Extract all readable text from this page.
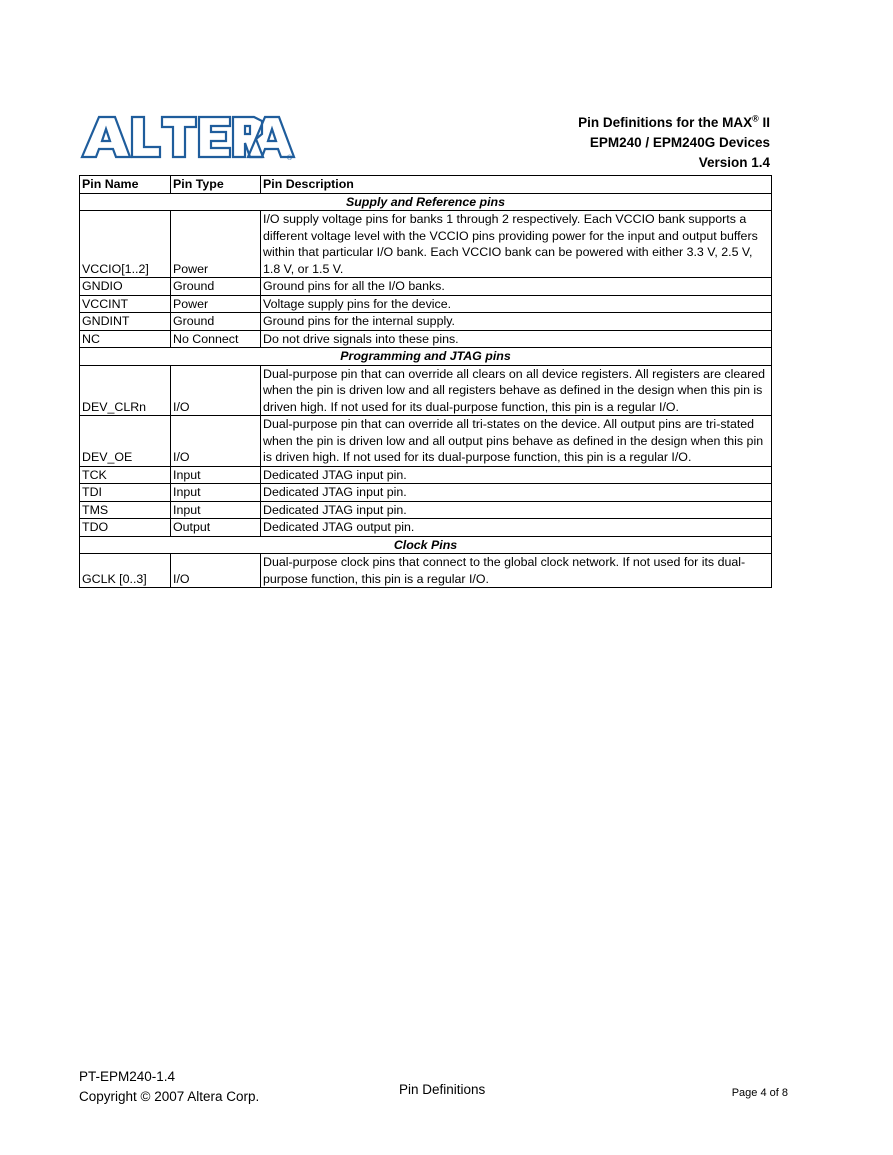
®
Pin Definitions for the MAX® II
EPM240 / EPM240G Devices
Version 1.4
Pin Name	Pin Type	Pin Description
Supply and Reference pins		
VCCIO[1..2]	Power	I/O supply voltage pins for banks 1 through 2 respectively. Each VCCIO bank supports a different voltage level with the VCCIO pins providing power for the input and output buffers within that particular I/O bank. Each VCCIO bank can be powered with either 3.3 V, 2.5 V, 1.8 V, or 1.5 V.
GNDIO	Ground	Ground pins for all the I/O banks.
VCCINT	Power	Voltage supply pins for the device.
GNDINT	Ground	Ground pins for the internal supply.
NC	No Connect	Do not drive signals into these pins.
Programming and JTAG pins		
DEV_CLRn	I/O	Dual-purpose pin that can override all clears on all device registers. All registers are cleared when the pin is driven low and all registers behave as defined in the design when this pin is driven high. If not used for its dual-purpose function, this pin is a regular I/O.
DEV_OE	I/O	Dual-purpose pin that can override all tri-states on the device. All output pins are tri-stated when the pin is driven low and all output pins behave as defined in the design when this pin is driven high. If not used for its dual-purpose function, this pin is a regular I/O.
TCK	Input	Dedicated JTAG input pin.
TDI	Input	Dedicated JTAG input pin.
TMS	Input	Dedicated JTAG input pin.
TDO	Output	Dedicated JTAG output pin.
Clock Pins		
GCLK [0..3]	I/O	Dual-purpose clock pins that connect to the global clock network. If not used for its dual-purpose function, this pin is a regular I/O.
PT-EPM240-1.4
Copyright © 2007 Altera Corp.	Pin Definitions	Page 4 of 8
